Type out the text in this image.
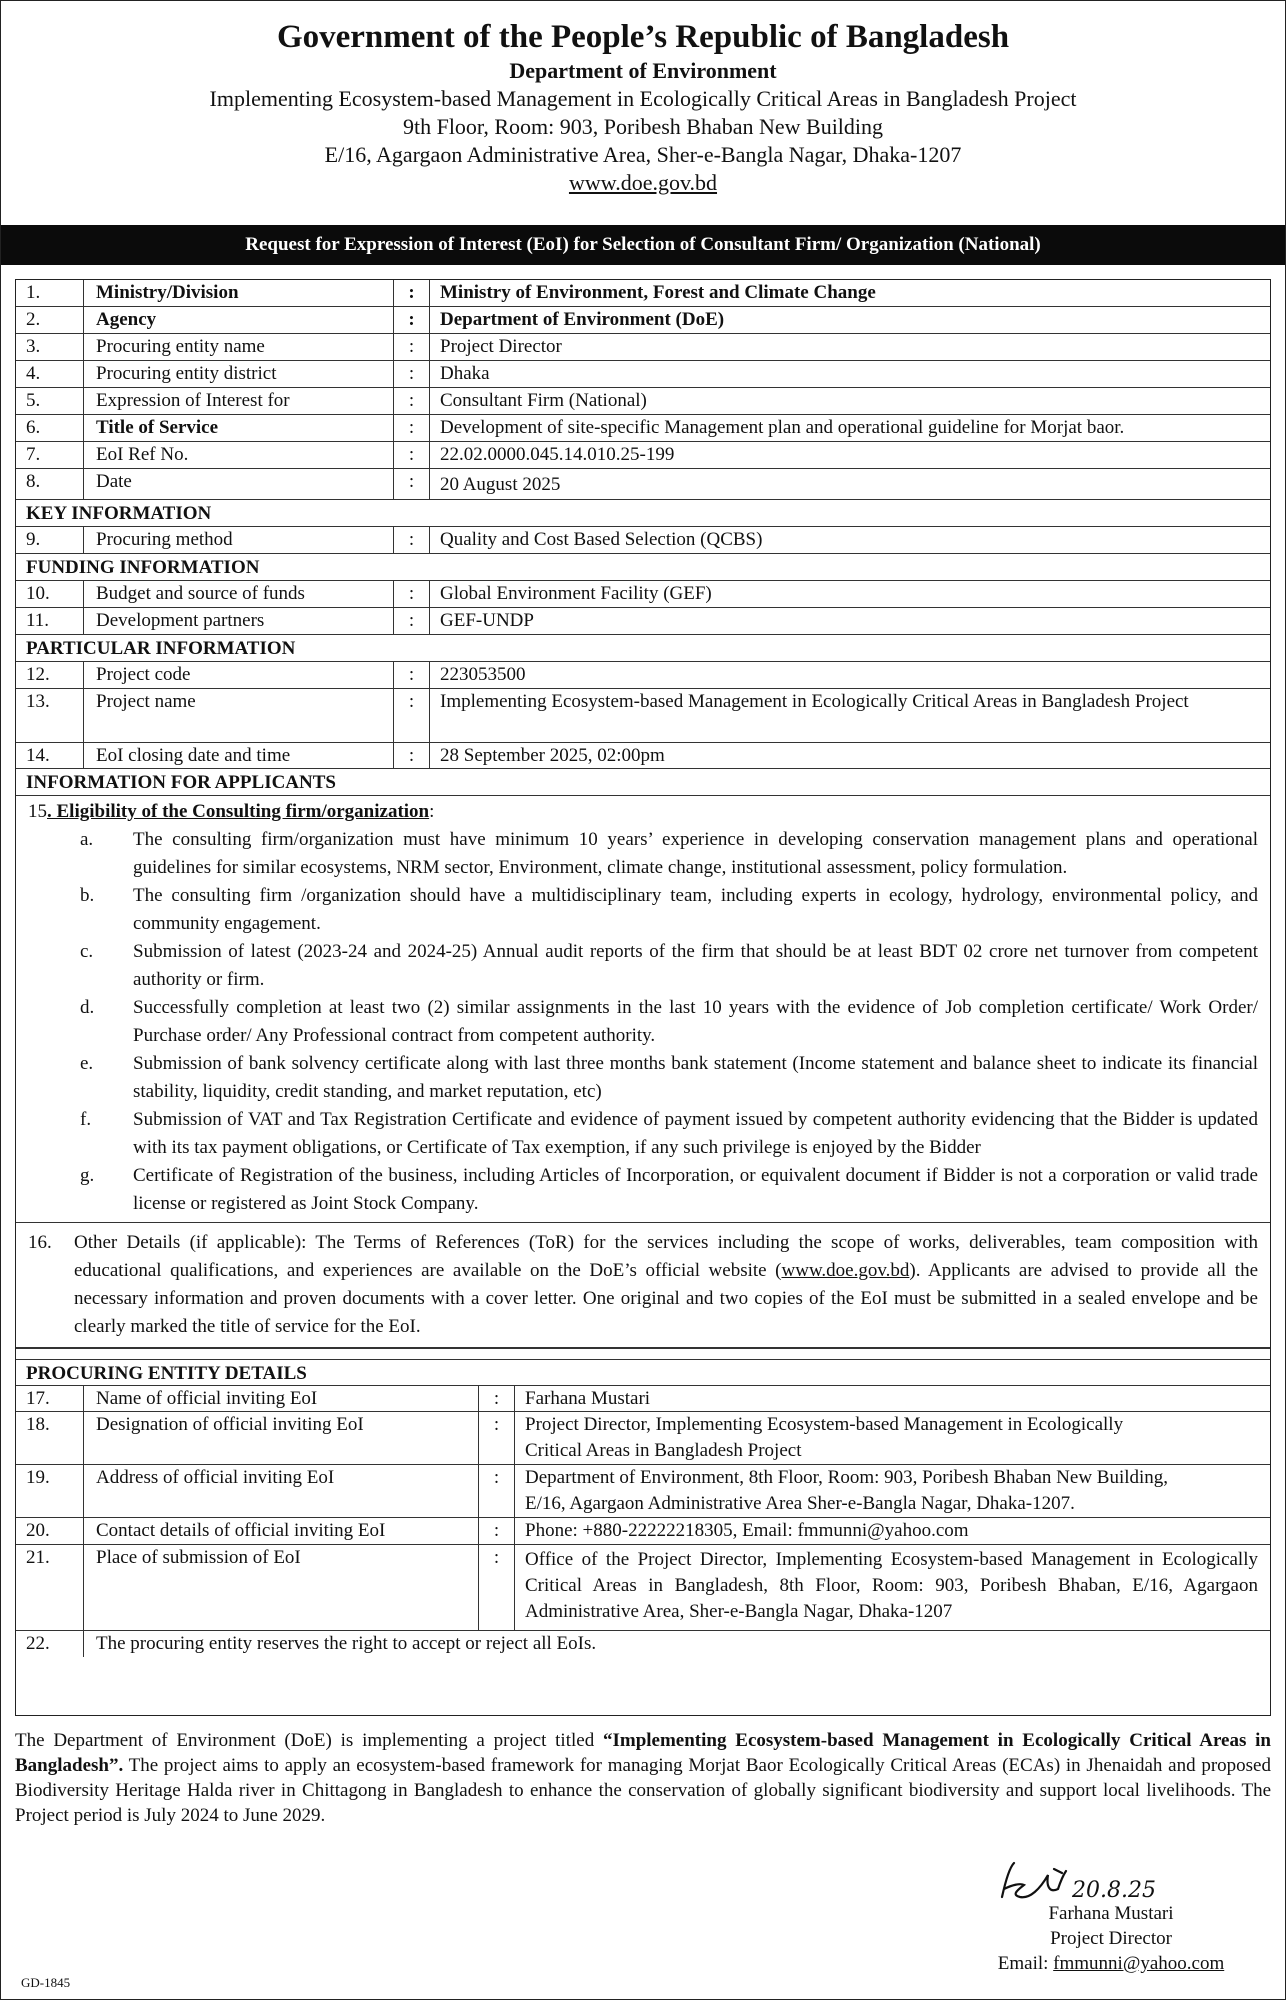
Government of the People’s Republic of Bangladesh
Department of Environment
Implementing Ecosystem-based Management in Ecologically Critical Areas in Bangladesh Project
9th Floor, Room: 903, Poribesh Bhaban New Building
E/16, Agargaon Administrative Area, Sher-e-Bangla Nagar, Dhaka-1207
www.doe.gov.bd
Request for Expression of Interest (EoI) for Selection of Consultant Firm/ Organization (National)
1.	Ministry/Division	:	Ministry of Environment, Forest and Climate Change
2.	Agency	:	Department of Environment (DoE)
3.	Procuring entity name	:	Project Director
4.	Procuring entity district	:	Dhaka
5.	Expression of Interest for	:	Consultant Firm (National)
6.	Title of Service	:	Development of site-specific Management plan and operational guideline for Morjat baor.
7.	EoI Ref No.	:	22.02.0000.045.14.010.25-199
8.	Date	:	20 August 2025
KEY INFORMATION
9.	Procuring method	:	Quality and Cost Based Selection (QCBS)
FUNDING INFORMATION
10.	Budget and source of funds	:	Global Environment Facility (GEF)
11.	Development partners	:	GEF-UNDP
PARTICULAR INFORMATION
12.	Project code	:	223053500
13.	Project name	:	Implementing Ecosystem-based Management in Ecologically Critical Areas in Bangladesh Project
14.	EoI closing date and time	:	28 September 2025, 02:00pm
INFORMATION FOR APPLICANTS
15. Eligibility of the Consulting firm/organization:
a. The consulting firm/organization must have minimum 10 years’ experience in developing conservation management plans and operational guidelines for similar ecosystems, NRM sector, Environment, climate change, institutional assessment, policy formulation.
b. The consulting firm /organization should have a multidisciplinary team, including experts in ecology, hydrology, environmental policy, and community engagement.
c. Submission of latest (2023-24 and 2024-25) Annual audit reports of the firm that should be at least BDT 02 crore net turnover from competent authority or firm.
d. Successfully completion at least two (2) similar assignments in the last 10 years with the evidence of Job completion certificate/ Work Order/ Purchase order/ Any Professional contract from competent authority.
e. Submission of bank solvency certificate along with last three months bank statement (Income statement and balance sheet to indicate its financial stability, liquidity, credit standing, and market reputation, etc)
f. Submission of VAT and Tax Registration Certificate and evidence of payment issued by competent authority evidencing that the Bidder is updated with its tax payment obligations, or Certificate of Tax exemption, if any such privilege is enjoyed by the Bidder
g. Certificate of Registration of the business, including Articles of Incorporation, or equivalent document if Bidder is not a corporation or valid trade license or registered as Joint Stock Company.
16. Other Details (if applicable): The Terms of References (ToR) for the services including the scope of works, deliverables, team composition with educational qualifications, and experiences are available on the DoE’s official website (www.doe.gov.bd). Applicants are advised to provide all the necessary information and proven documents with a cover letter. One original and two copies of the EoI must be submitted in a sealed envelope and be clearly marked the title of service for the EoI.
PROCURING ENTITY DETAILS
17.	Name of official inviting EoI	:	Farhana Mustari
18.	Designation of official inviting EoI	:	Project Director, Implementing Ecosystem-based Management in Ecologically
Critical Areas in Bangladesh Project
19.	Address of official inviting EoI	:	Department of Environment, 8th Floor, Room: 903, Poribesh Bhaban New Building,
E/16, Agargaon Administrative Area Sher-e-Bangla Nagar, Dhaka-1207.
20.	Contact details of official inviting EoI	:	Phone: +880-22222218305, Email: fmmunni@yahoo.com
21.	Place of submission of EoI	:	Office of the Project Director, Implementing Ecosystem-based Management in Ecologically Critical Areas in Bangladesh, 8th Floor, Room: 903, Poribesh Bhaban, E/16, Agargaon Administrative Area, Sher-e-Bangla Nagar, Dhaka-1207
22.	The procuring entity reserves the right to accept or reject all EoIs.
The Department of Environment (DoE) is implementing a project titled “Implementing Ecosystem-based Management in Ecologically Critical Areas in Bangladesh”. The project aims to apply an ecosystem-based framework for managing Morjat Baor Ecologically Critical Areas (ECAs) in Jhenaidah and proposed Biodiversity Heritage Halda river in Chittagong in Bangladesh to enhance the conservation of globally significant biodiversity and support local livelihoods. The Project period is July 2024 to June 2029.
20.8.25
Farhana Mustari
Project Director
Email: fmmunni@yahoo.com
GD-1845
